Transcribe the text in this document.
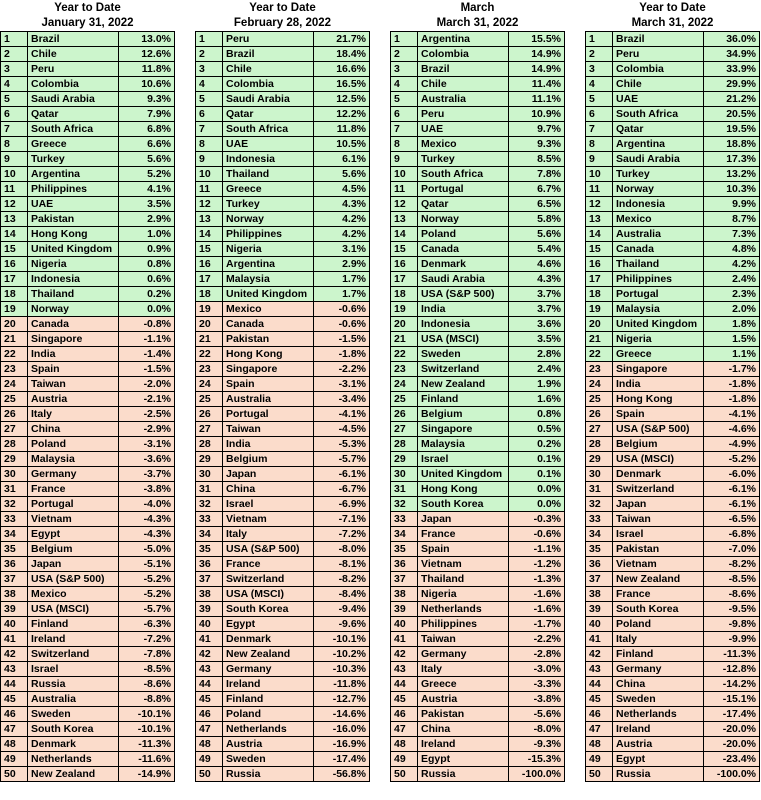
Year to Date
January 31, 2022
1	Brazil	13.0%
2	Chile	12.6%
3	Peru	11.8%
4	Colombia	10.6%
5	Saudi Arabia	9.3%
6	Qatar	7.9%
7	South Africa	6.8%
8	Greece	6.6%
9	Turkey	5.6%
10	Argentina	5.2%
11	Philippines	4.1%
12	UAE	3.5%
13	Pakistan	2.9%
14	Hong Kong	1.0%
15	United Kingdom	0.9%
16	Nigeria	0.8%
17	Indonesia	0.6%
18	Thailand	0.2%
19	Norway	0.0%
20	Canada	-0.8%
21	Singapore	-1.1%
22	India	-1.4%
23	Spain	-1.5%
24	Taiwan	-2.0%
25	Austria	-2.1%
26	Italy	-2.5%
27	China	-2.9%
28	Poland	-3.1%
29	Malaysia	-3.6%
30	Germany	-3.7%
31	France	-3.8%
32	Portugal	-4.0%
33	Vietnam	-4.3%
34	Egypt	-4.3%
35	Belgium	-5.0%
36	Japan	-5.1%
37	USA (S&P 500)	-5.2%
38	Mexico	-5.2%
39	USA (MSCI)	-5.7%
40	Finland	-6.3%
41	Ireland	-7.2%
42	Switzerland	-7.8%
43	Israel	-8.5%
44	Russia	-8.6%
45	Australia	-8.8%
46	Sweden	-10.1%
47	South Korea	-10.1%
48	Denmark	-11.3%
49	Netherlands	-11.6%
50	New Zealand	-14.9%
Year to Date
February 28, 2022
1	Peru	21.7%
2	Brazil	18.4%
3	Chile	16.6%
4	Colombia	16.5%
5	Saudi Arabia	12.5%
6	Qatar	12.2%
7	South Africa	11.8%
8	UAE	10.5%
9	Indonesia	6.1%
10	Thailand	5.6%
11	Greece	4.5%
12	Turkey	4.3%
13	Norway	4.2%
14	Philippines	4.2%
15	Nigeria	3.1%
16	Argentina	2.9%
17	Malaysia	1.7%
18	United Kingdom	1.7%
19	Mexico	-0.6%
20	Canada	-0.6%
21	Pakistan	-1.5%
22	Hong Kong	-1.8%
23	Singapore	-2.2%
24	Spain	-3.1%
25	Australia	-3.4%
26	Portugal	-4.1%
27	Taiwan	-4.5%
28	India	-5.3%
29	Belgium	-5.7%
30	Japan	-6.1%
31	China	-6.7%
32	Israel	-6.9%
33	Vietnam	-7.1%
34	Italy	-7.2%
35	USA (S&P 500)	-8.0%
36	France	-8.1%
37	Switzerland	-8.2%
38	USA (MSCI)	-8.4%
39	South Korea	-9.4%
40	Egypt	-9.6%
41	Denmark	-10.1%
42	New Zealand	-10.2%
43	Germany	-10.3%
44	Ireland	-11.8%
45	Finland	-12.7%
46	Poland	-14.6%
47	Netherlands	-16.0%
48	Austria	-16.9%
49	Sweden	-17.4%
50	Russia	-56.8%
March
March 31, 2022
1	Argentina	15.5%
2	Colombia	14.9%
3	Brazil	14.9%
4	Chile	11.4%
5	Australia	11.1%
6	Peru	10.9%
7	UAE	9.7%
8	Mexico	9.3%
9	Turkey	8.5%
10	South Africa	7.8%
11	Portugal	6.7%
12	Qatar	6.5%
13	Norway	5.8%
14	Poland	5.6%
15	Canada	5.4%
16	Denmark	4.6%
17	Saudi Arabia	4.3%
18	USA (S&P 500)	3.7%
19	India	3.7%
20	Indonesia	3.6%
21	USA (MSCI)	3.5%
22	Sweden	2.8%
23	Switzerland	2.4%
24	New Zealand	1.9%
25	Finland	1.6%
26	Belgium	0.8%
27	Singapore	0.5%
28	Malaysia	0.2%
29	Israel	0.1%
30	United Kingdom	0.1%
31	Hong Kong	0.0%
32	South Korea	0.0%
33	Japan	-0.3%
34	France	-0.6%
35	Spain	-1.1%
36	Vietnam	-1.2%
37	Thailand	-1.3%
38	Nigeria	-1.6%
39	Netherlands	-1.6%
40	Philippines	-1.7%
41	Taiwan	-2.2%
42	Germany	-2.8%
43	Italy	-3.0%
44	Greece	-3.3%
45	Austria	-3.8%
46	Pakistan	-5.6%
47	China	-8.0%
48	Ireland	-9.3%
49	Egypt	-15.3%
50	Russia	-100.0%
Year to Date
March 31, 2022
1	Brazil	36.0%
2	Peru	34.9%
3	Colombia	33.9%
4	Chile	29.9%
5	UAE	21.2%
6	South Africa	20.5%
7	Qatar	19.5%
8	Argentina	18.8%
9	Saudi Arabia	17.3%
10	Turkey	13.2%
11	Norway	10.3%
12	Indonesia	9.9%
13	Mexico	8.7%
14	Australia	7.3%
15	Canada	4.8%
16	Thailand	4.2%
17	Philippines	2.4%
18	Portugal	2.3%
19	Malaysia	2.0%
20	United Kingdom	1.8%
21	Nigeria	1.5%
22	Greece	1.1%
23	Singapore	-1.7%
24	India	-1.8%
25	Hong Kong	-1.8%
26	Spain	-4.1%
27	USA (S&P 500)	-4.6%
28	Belgium	-4.9%
29	USA (MSCI)	-5.2%
30	Denmark	-6.0%
31	Switzerland	-6.1%
32	Japan	-6.1%
33	Taiwan	-6.5%
34	Israel	-6.8%
35	Pakistan	-7.0%
36	Vietnam	-8.2%
37	New Zealand	-8.5%
38	France	-8.6%
39	South Korea	-9.5%
40	Poland	-9.8%
41	Italy	-9.9%
42	Finland	-11.3%
43	Germany	-12.8%
44	China	-14.2%
45	Sweden	-15.1%
46	Netherlands	-17.4%
47	Ireland	-20.0%
48	Austria	-20.0%
49	Egypt	-23.4%
50	Russia	-100.0%
